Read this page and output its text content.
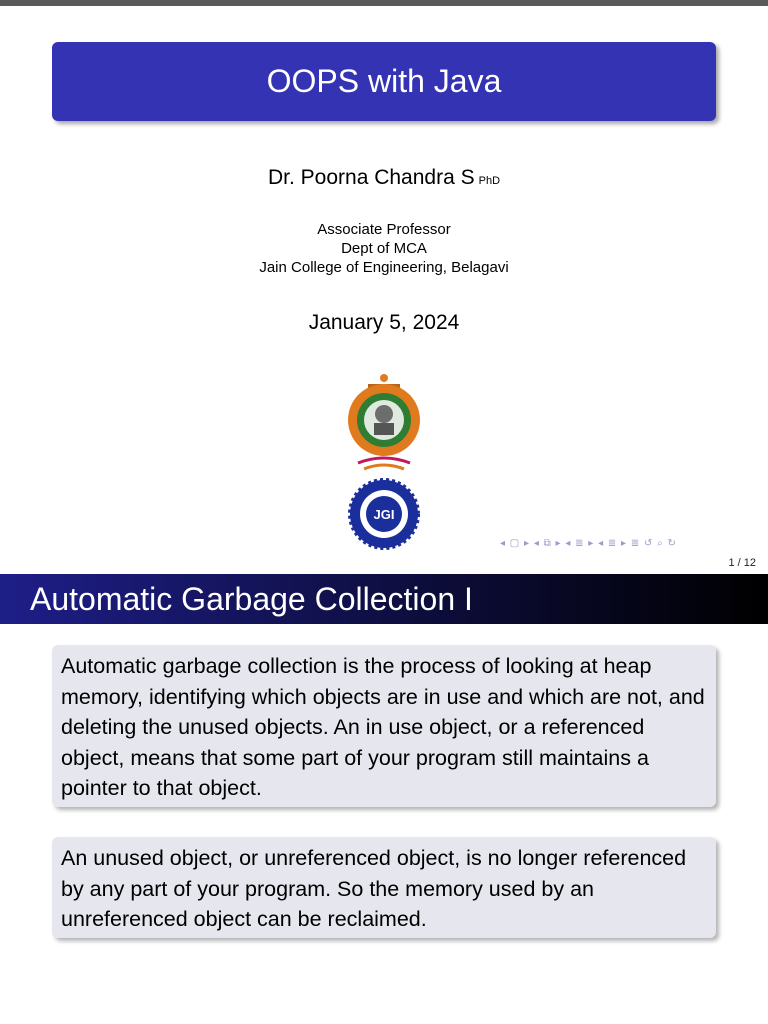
OOPS with Java
Dr. Poorna Chandra S PhD
Associate Professor
Dept of MCA
Jain College of Engineering, Belagavi
January 5, 2024
JGI
◂ ▢ ▸ ◂ ⧉ ▸ ◂ ≣ ▸ ◂ ≣ ▸ ≣ ↺ ⌕ ↻
1 / 12
Automatic Garbage Collection I
Automatic garbage collection is the process of looking at heap memory, identifying which objects are in use and which are not, and deleting the unused objects. An in use object, or a referenced object, means that some part of your program still maintains a pointer to that object.
An unused object, or unreferenced object, is no longer referenced by any part of your program. So the memory used by an unreferenced object can be reclaimed.
